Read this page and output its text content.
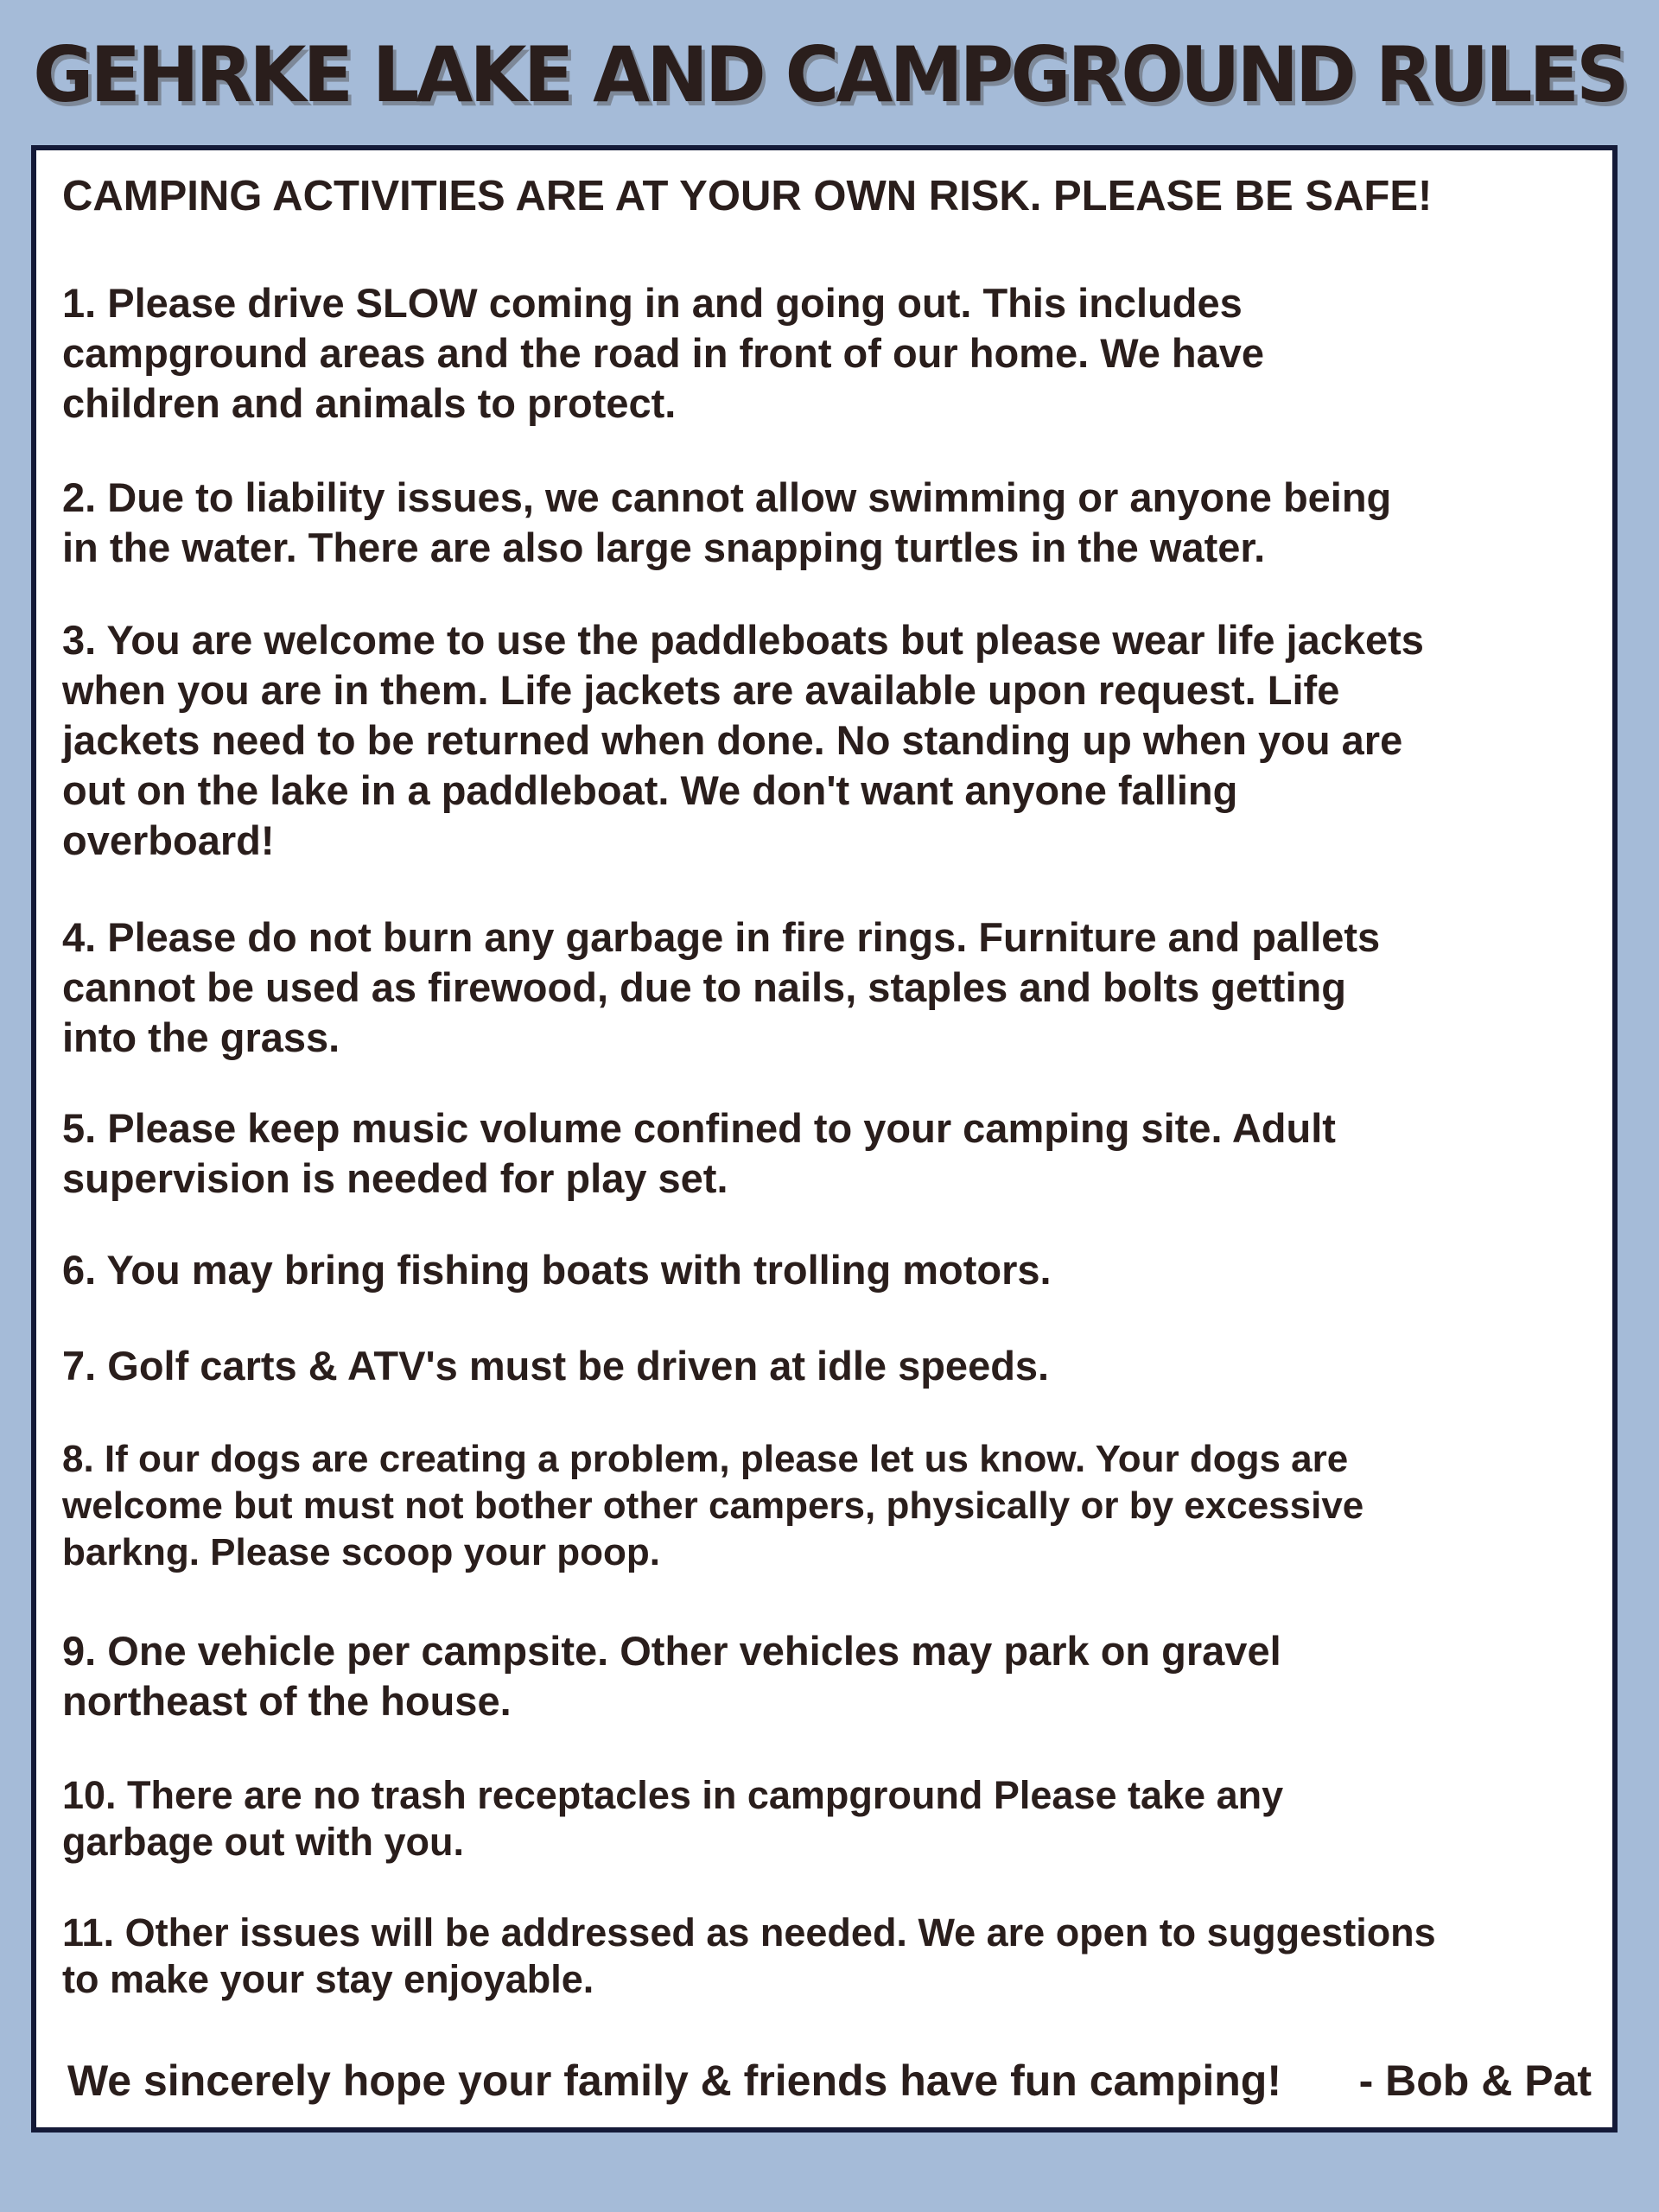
GEHRKE LAKE AND CAMPGROUND RULES

CAMPING ACTIVITIES ARE AT YOUR OWN RISK. PLEASE BE SAFE!

1. Please drive SLOW coming in and going out. This includes

campground areas and the road in front of our home. We have

children and animals to protect.

2. Due to liability issues, we cannot allow swimming or anyone being

in the water. There are also large snapping turtles in the water.

3. You are welcome to use the paddleboats but please wear life jackets

when you are in them. Life jackets are available upon request. Life

jackets need to be returned when done. No standing up when you are

out on the lake in a paddleboat. We don't want anyone falling

overboard!

4. Please do not burn any garbage in fire rings. Furniture and pallets

cannot be used as firewood, due to nails, staples and bolts getting

into the grass.

5. Please keep music volume confined to your camping site. Adult

supervision is needed for play set.

6. You may bring fishing boats with trolling motors.

7. Golf carts & ATV's must be driven at idle speeds.

8. If our dogs are creating a problem, please let us know. Your dogs are

welcome but must not bother other campers, physically or by excessive

barkng. Please scoop your poop.

9. One vehicle per campsite. Other vehicles may park on gravel

northeast of the house.

10. There are no trash receptacles in campground Please take any

garbage out with you.

11. Other issues will be addressed as needed. We are open to suggestions

to make your stay enjoyable.

We sincerely hope your family & friends have fun camping! - Bob & Pat
